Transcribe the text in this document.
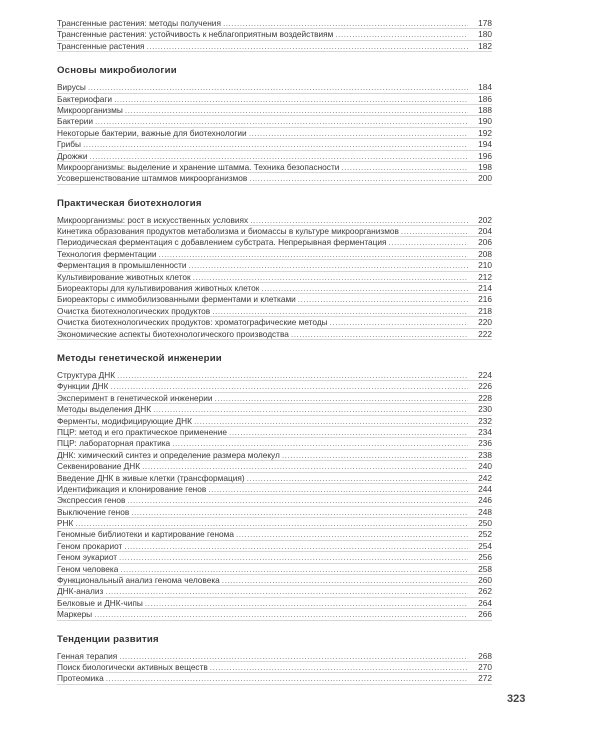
Трансгенные растения: методы получения .....	178
Трансгенные растения: устойчивость к неблагоприятным воздействиям .....	180
Трансгенные растения .....	182
Основы микробиологии
Вирусы .....	184
Бактериофаги .....	186
Микроорганизмы .....	188
Бактерии .....	190
Некоторые бактерии, важные для биотехнологии .....	192
Грибы .....	194
Дрожжи .....	196
Микроорганизмы: выделение и хранение штамма. Техника безопасности .....	198
Усовершенствование штаммов микроорганизмов .....	200
Практическая биотехнология
Микроорганизмы: рост в искусственных условиях .....	202
Кинетика образования продуктов метаболизма и биомассы в культуре микроорганизмов .....	204
Периодическая ферментация с добавлением субстрата. Непрерывная ферментация .....	206
Технология ферментации .....	208
Ферментация в промышленности .....	210
Культивирование животных клеток .....	212
Биореакторы для культивирования животных клеток .....	214
Биореакторы с иммобилизованными ферментами и клетками .....	216
Очистка биотехнологических продуктов .....	218
Очистка биотехнологических продуктов: хроматографические методы .....	220
Экономические аспекты биотехнологического производства .....	222
Методы генетической инженерии
Структура ДНК .....	224
Функции ДНК .....	226
Эксперимент в генетической инженерии .....	228
Методы выделения ДНК .....	230
Ферменты, модифицирующие ДНК .....	232
ПЦР: метод и его практическое применение .....	234
ПЦР: лабораторная практика .....	236
ДНК: химический синтез и определение размера молекул .....	238
Секвенирование ДНК .....	240
Введение ДНК в живые клетки (трансформация) .....	242
Идентификация и клонирование генов .....	244
Экспрессия генов .....	246
Выключение генов .....	248
РНК .....	250
Геномные библиотеки и картирование генома .....	252
Геном прокариот .....	254
Геном эукариот .....	256
Геном человека .....	258
Функциональный анализ генома человека .....	260
ДНК-анализ .....	262
Белковые и ДНК-чипы .....	264
Маркеры .....	266
Тенденции развития
Генная терапия .....	268
Поиск биологически активных веществ .....	270
Протеомика .....	272
323
